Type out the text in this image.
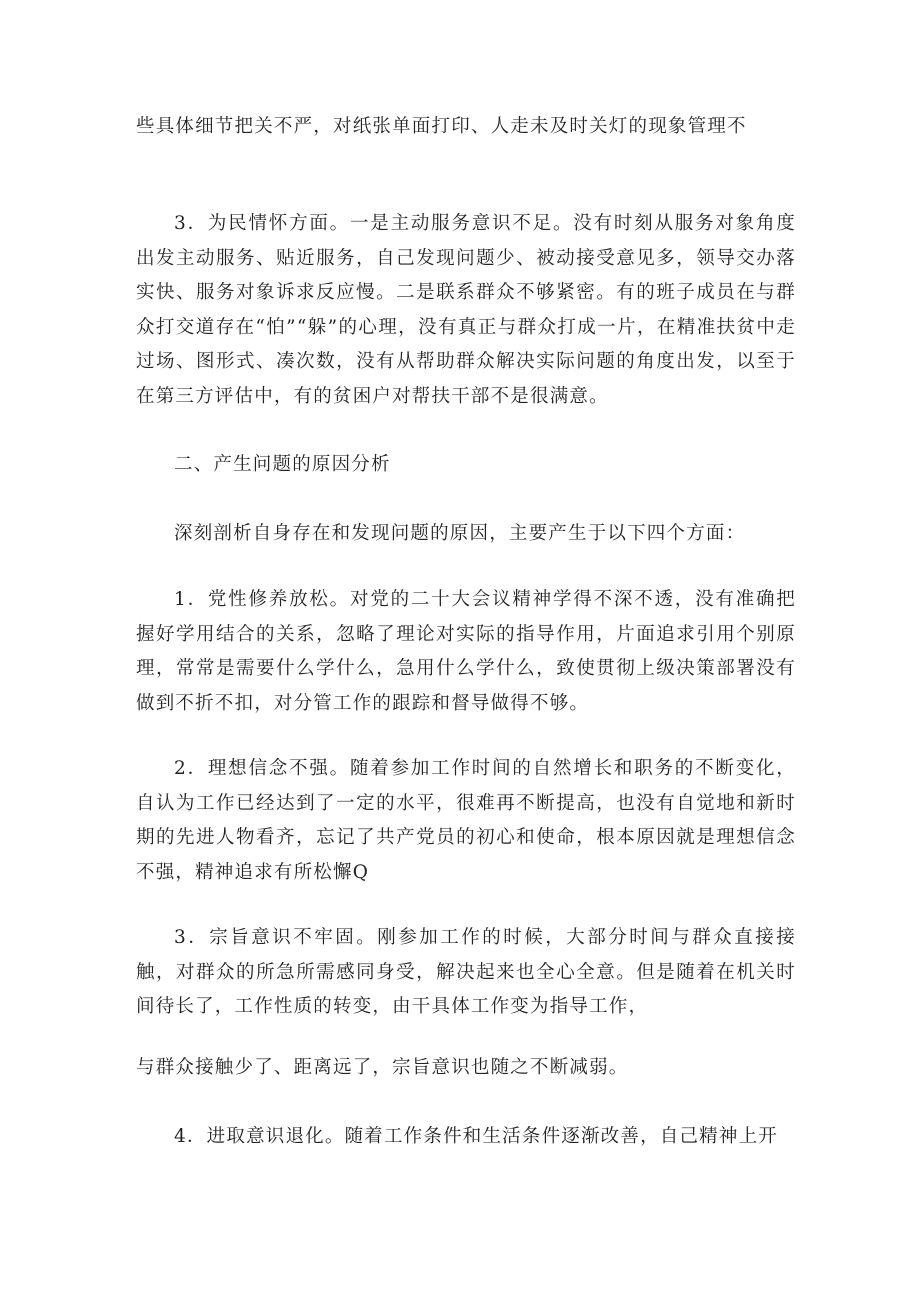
些具体细节把关不严，对纸张单面打印、人走未及时关灯的现象管理不

3．为民情怀方面。一是主动服务意识不足。没有时刻从服务对象角度出发主动服务、贴近服务，自己发现问题少、被动接受意见多，领导交办落实快、服务对象诉求反应慢。二是联系群众不够紧密。有的班子成员在与群众打交道存在“怕”“躲”的心理，没有真正与群众打成一片，在精准扶贫中走过场、图形式、凑次数，没有从帮助群众解决实际问题的角度出发，以至于在第三方评估中，有的贫困户对帮扶干部不是很满意。

二、产生问题的原因分析

深刻剖析自身存在和发现问题的原因，主要产生于以下四个方面：

1．党性修养放松。对党的二十大会议精神学得不深不透，没有准确把握好学用结合的关系，忽略了理论对实际的指导作用，片面追求引用个别原理，常常是需要什么学什么，急用什么学什么，致使贯彻上级决策部署没有做到不折不扣，对分管工作的跟踪和督导做得不够。

2．理想信念不强。随着参加工作时间的自然增长和职务的不断变化，自认为工作已经达到了一定的水平，很难再不断提高，也没有自觉地和新时期的先进人物看齐，忘记了共产党员的初心和使命，根本原因就是理想信念不强，精神追求有所松懈Q

3．宗旨意识不牢固。刚参加工作的时候，大部分时间与群众直接接触，对群众的所急所需感同身受，解决起来也全心全意。但是随着在机关时间待长了，工作性质的转变，由干具体工作变为指导工作，

与群众接触少了、距离远了，宗旨意识也随之不断减弱。

4．进取意识退化。随着工作条件和生活条件逐渐改善，自己精神上开
